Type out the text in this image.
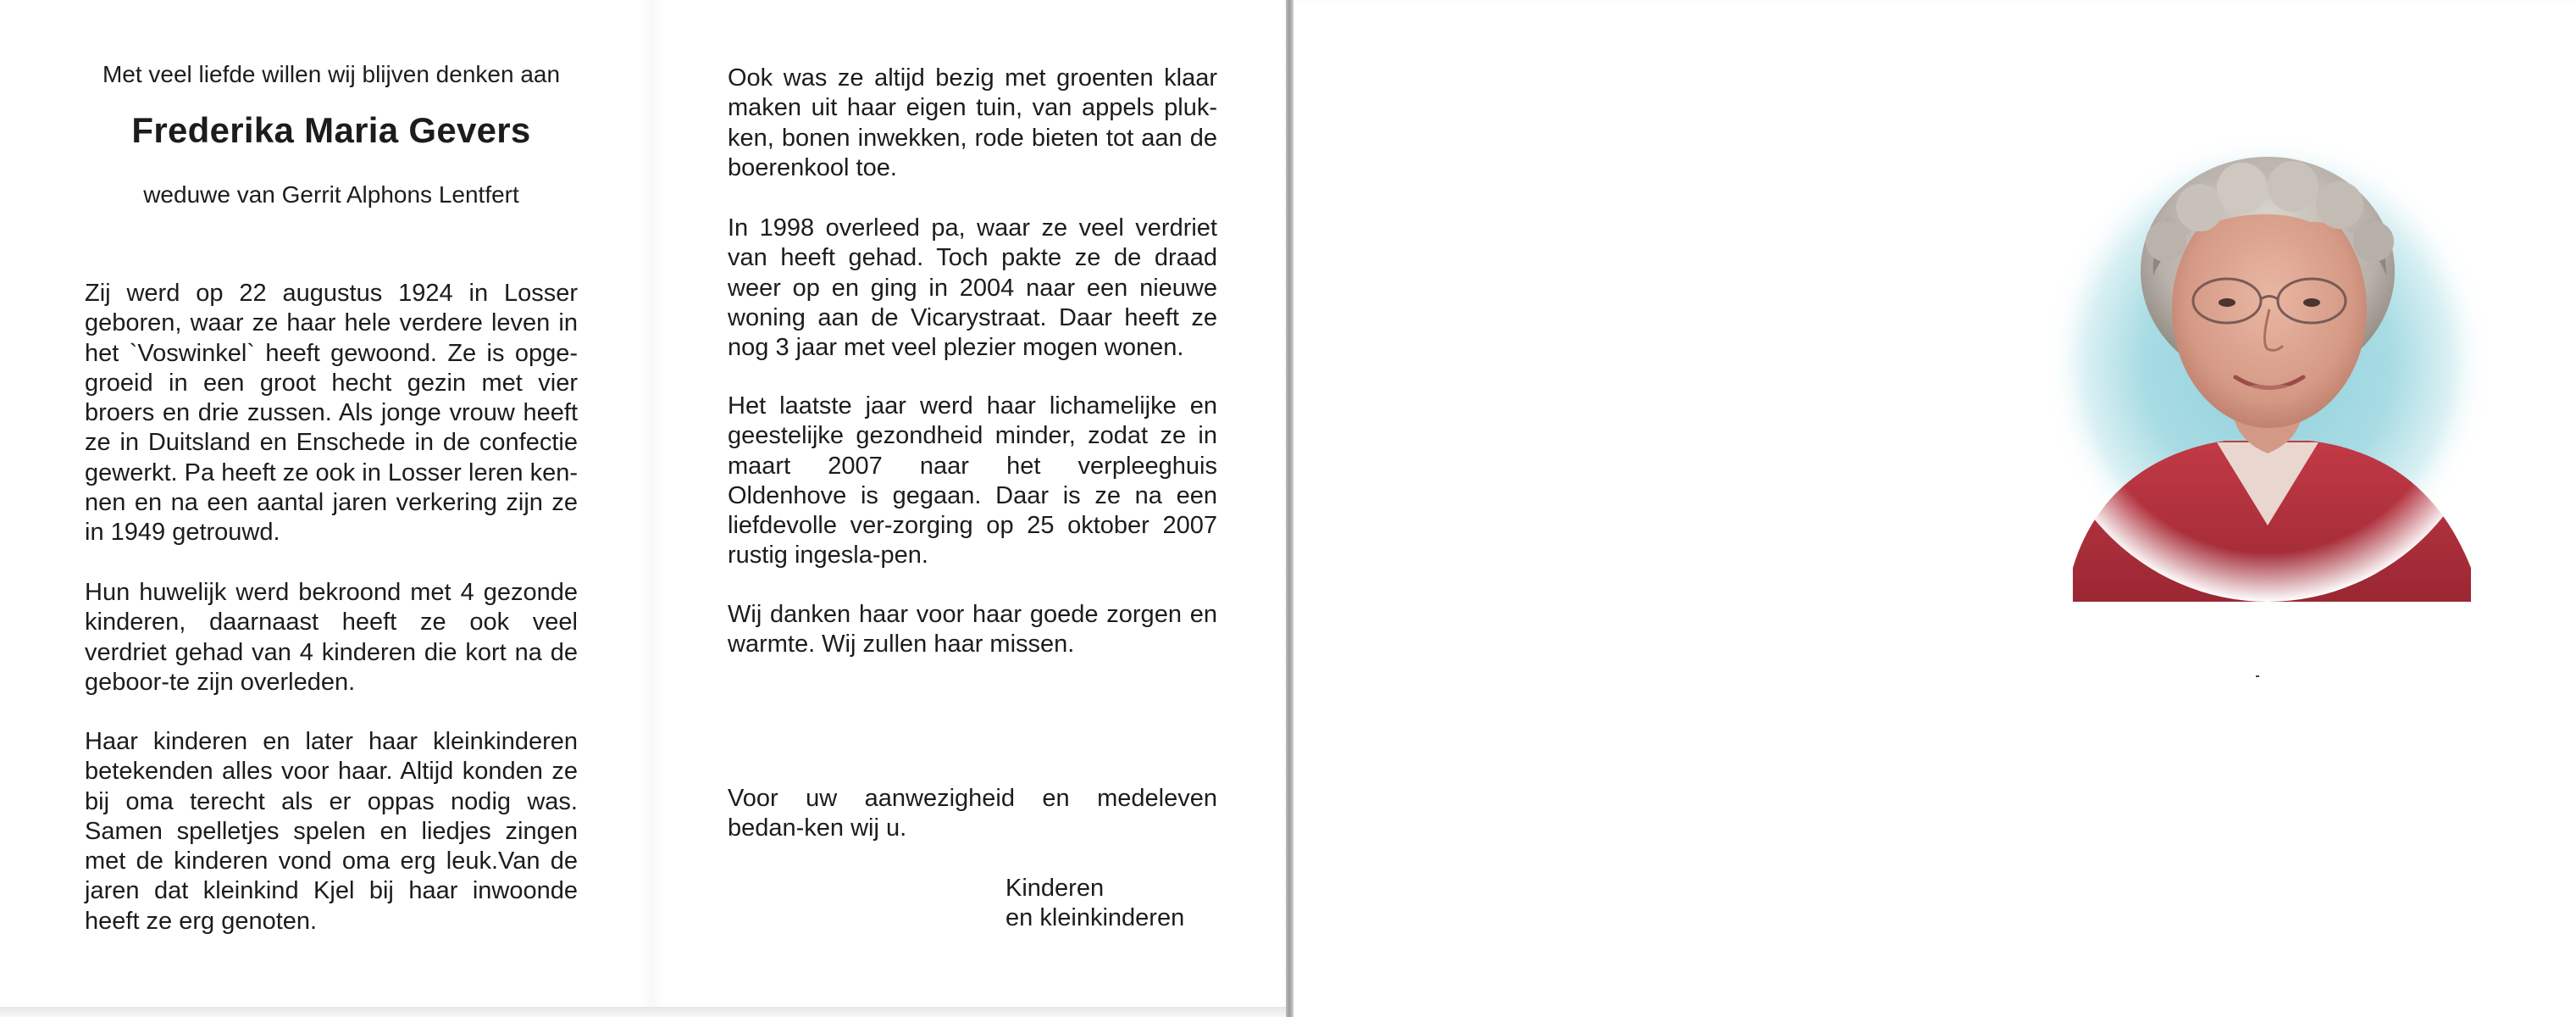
Met veel liefde willen wij blijven denken aan

Frederika Maria Gevers

weduwe van Gerrit Alphons Lentfert

Zij werd op 22 augustus 1924 in Losser geboren, waar ze haar hele verdere leven in het `Voswinkel` heeft gewoond. Ze is opge-groeid in een groot hecht gezin met vier broers en drie zussen. Als jonge vrouw heeft ze in Duitsland en Enschede in de confectie gewerkt. Pa heeft ze ook in Losser leren ken-nen en na een aantal jaren verkering zijn ze in 1949 getrouwd.

Hun huwelijk werd bekroond met 4 gezonde kinderen, daarnaast heeft ze ook veel verdriet gehad van 4 kinderen die kort na de geboor-te zijn overleden.

Haar kinderen en later haar kleinkinderen betekenden alles voor haar. Altijd konden ze bij oma terecht als er oppas nodig was. Samen spelletjes spelen en liedjes zingen met de kinderen vond oma erg leuk.Van de jaren dat kleinkind Kjel bij haar inwoonde heeft ze erg genoten.

Ook was ze altijd bezig met groenten klaar maken uit haar eigen tuin, van appels pluk-ken, bonen inwekken, rode bieten tot aan de boerenkool toe.

In 1998 overleed pa, waar ze veel verdriet van heeft gehad. Toch pakte ze de draad weer op en ging in 2004 naar een nieuwe woning aan de Vicarystraat. Daar heeft ze nog 3 jaar met veel plezier mogen wonen.

Het laatste jaar werd haar lichamelijke en geestelijke gezondheid minder, zodat ze in maart 2007 naar het verpleeghuis Oldenhove is gegaan. Daar is ze na een liefdevolle ver-zorging op 25 oktober 2007 rustig ingesla-pen.

Wij danken haar voor haar goede zorgen en warmte. Wij zullen haar missen.

Voor uw aanwezigheid en medeleven bedan-ken wij u.

Kinderen
en kleinkinderen
